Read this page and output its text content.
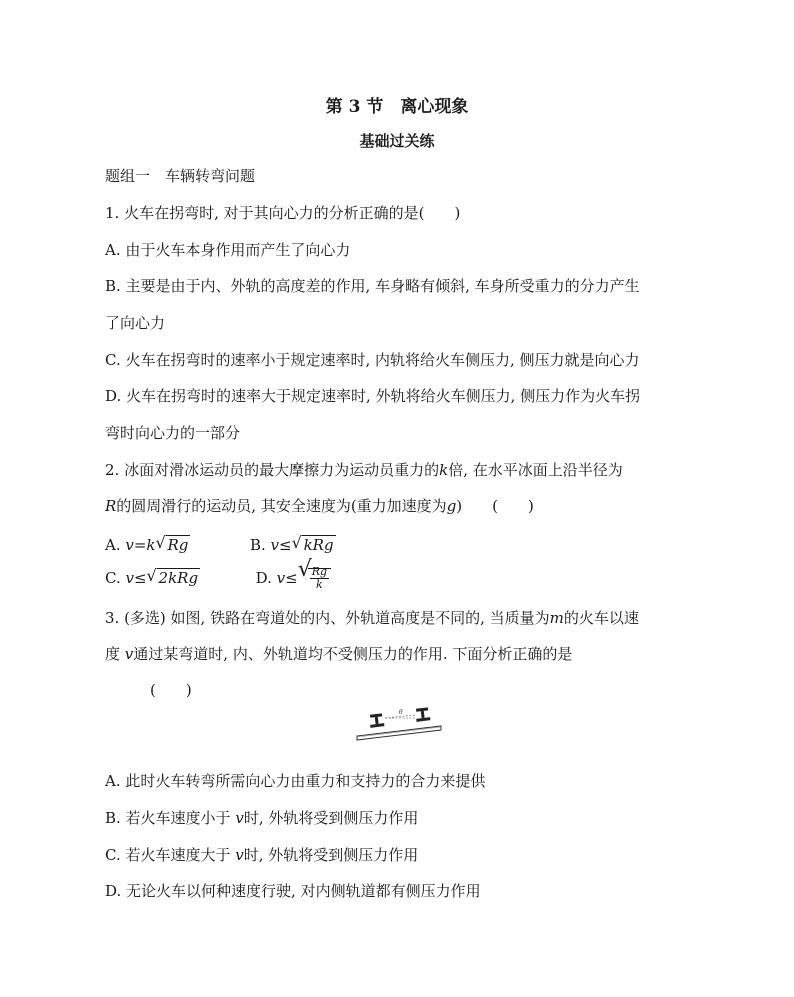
第 3 节　离心现象
基础过关练
题组一　车辆转弯问题
1. 火车在拐弯时, 对于其向心力的分析正确的是(　　)
A. 由于火车本身作用而产生了向心力
B. 主要是由于内、外轨的高度差的作用, 车身略有倾斜, 车身所受重力的分力产生
了向心力
C. 火车在拐弯时的速率小于规定速率时, 内轨将给火车侧压力, 侧压力就是向心力
D. 火车在拐弯时的速率大于规定速率时, 外轨将给火车侧压力, 侧压力作为火车拐
弯时向心力的一部分
2. 冰面对滑冰运动员的最大摩擦力为运动员重力的k倍, 在水平冰面上沿半径为
R的圆周滑行的运动员, 其安全速度为(重力加速度为g)　　(　　)
A. v=k √ Rg	B. v≤ √ kRg
C. v≤ √ 2kRg	D. v≤ √
$\frac{Rg}{k}$
3. (多选) 如图, 铁路在弯道处的内、外轨道高度是不同的, 当质量为m的火车以速
度 v通过某弯道时, 内、外轨道均不受侧压力的作用. 下面分析正确的是
(　　)
θ
A. 此时火车转弯所需向心力由重力和支持力的合力来提供
B. 若火车速度小于 v时, 外轨将受到侧压力作用
C. 若火车速度大于 v时, 外轨将受到侧压力作用
D. 无论火车以何种速度行驶, 对内侧轨道都有侧压力作用
